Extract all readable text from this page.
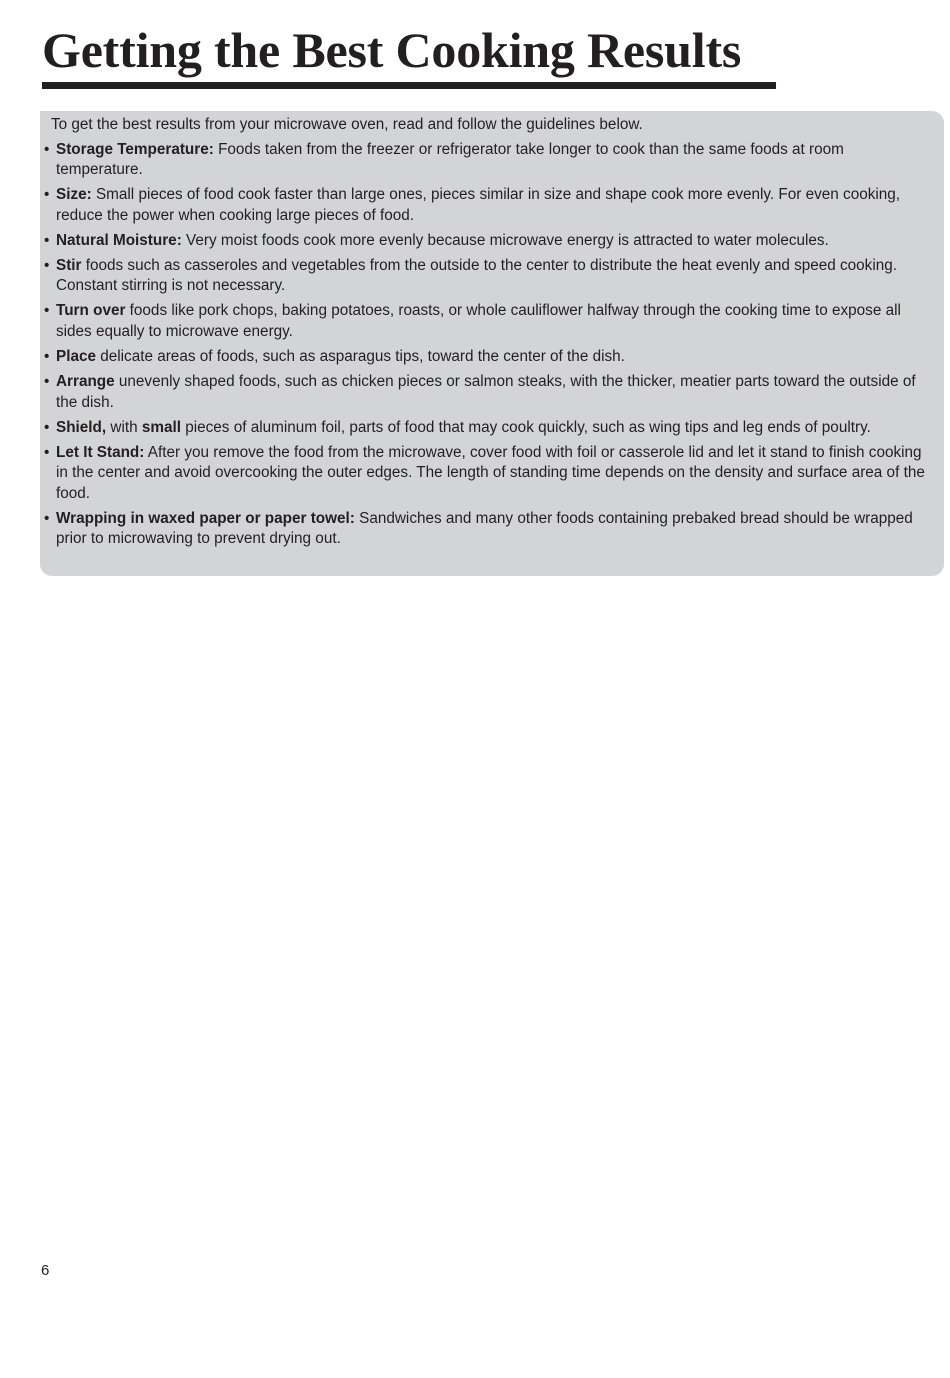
Getting the Best Cooking Results

To get the best results from your microwave oven, read and follow the guidelines below.

• Storage Temperature: Foods taken from the freezer or refrigerator take longer to cook than the same foods at room temperature.
• Size: Small pieces of food cook faster than large ones, pieces similar in size and shape cook more evenly. For even cooking, reduce the power when cooking large pieces of food.
• Natural Moisture: Very moist foods cook more evenly because microwave energy is attracted to water molecules.
• Stir foods such as casseroles and vegetables from the outside to the center to distribute the heat evenly and speed cooking. Constant stirring is not necessary.
• Turn over foods like pork chops, baking potatoes, roasts, or whole cauliflower halfway through the cooking time to expose all sides equally to microwave energy.
• Place delicate areas of foods, such as asparagus tips, toward the center of the dish.
• Arrange unevenly shaped foods, such as chicken pieces or salmon steaks, with the thicker, meatier parts toward the outside of the dish.
• Shield, with small pieces of aluminum foil, parts of food that may cook quickly, such as wing tips and leg ends of poultry.
• Let It Stand: After you remove the food from the microwave, cover food with foil or casserole lid and let it stand to finish cooking in the center and avoid overcooking the outer edges. The length of standing time depends on the density and surface area of the food.
• Wrapping in waxed paper or paper towel: Sandwiches and many other foods containing prebaked bread should be wrapped prior to microwaving to prevent drying out.
6
